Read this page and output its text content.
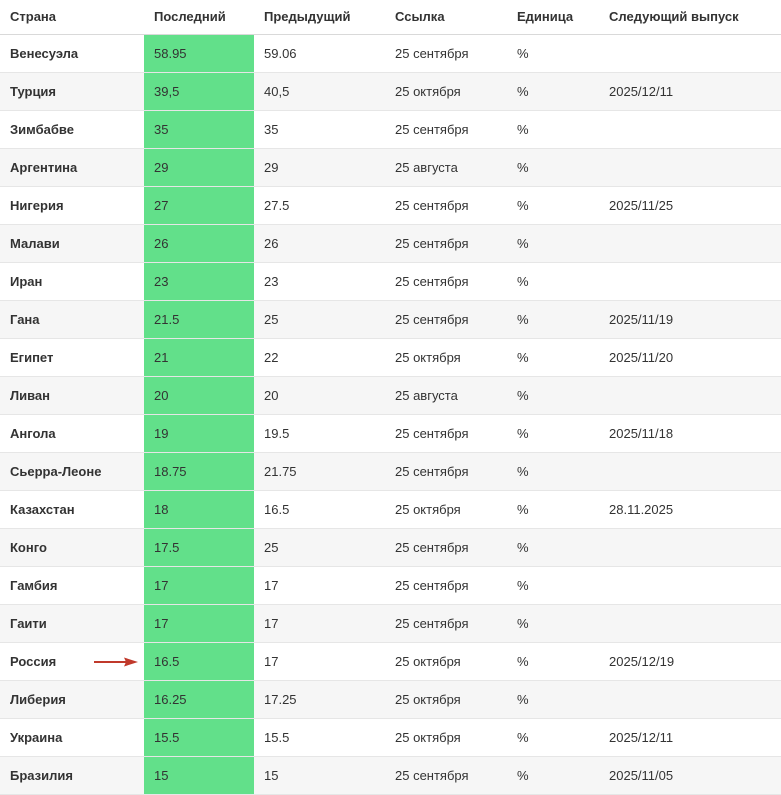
Страна	Последний	Предыдущий	Ссылка	Единица	Следующий выпуск
Венесуэла	58.95	59.06	25 сентября	%	
Турция	39,5	40,5	25 октября	%	2025/12/11
Зимбабве	35	35	25 сентября	%	
Аргентина	29	29	25 августа	%	
Нигерия	27	27.5	25 сентября	%	2025/11/25
Малави	26	26	25 сентября	%	
Иран	23	23	25 сентября	%	
Гана	21.5	25	25 сентября	%	2025/11/19
Египет	21	22	25 октября	%	2025/11/20
Ливан	20	20	25 августа	%	
Ангола	19	19.5	25 сентября	%	2025/11/18
Сьерра-Леоне	18.75	21.75	25 сентября	%	
Казахстан	18	16.5	25 октября	%	28.11.2025
Конго	17.5	25	25 сентября	%	
Гамбия	17	17	25 сентября	%	
Гаити	17	17	25 сентября	%	
Россия	16.5	17	25 октября	%	2025/12/19
Либерия	16.25	17.25	25 октября	%	
Украина	15.5	15.5	25 октября	%	2025/12/11
Бразилия	15	15	25 сентября	%	2025/11/05
